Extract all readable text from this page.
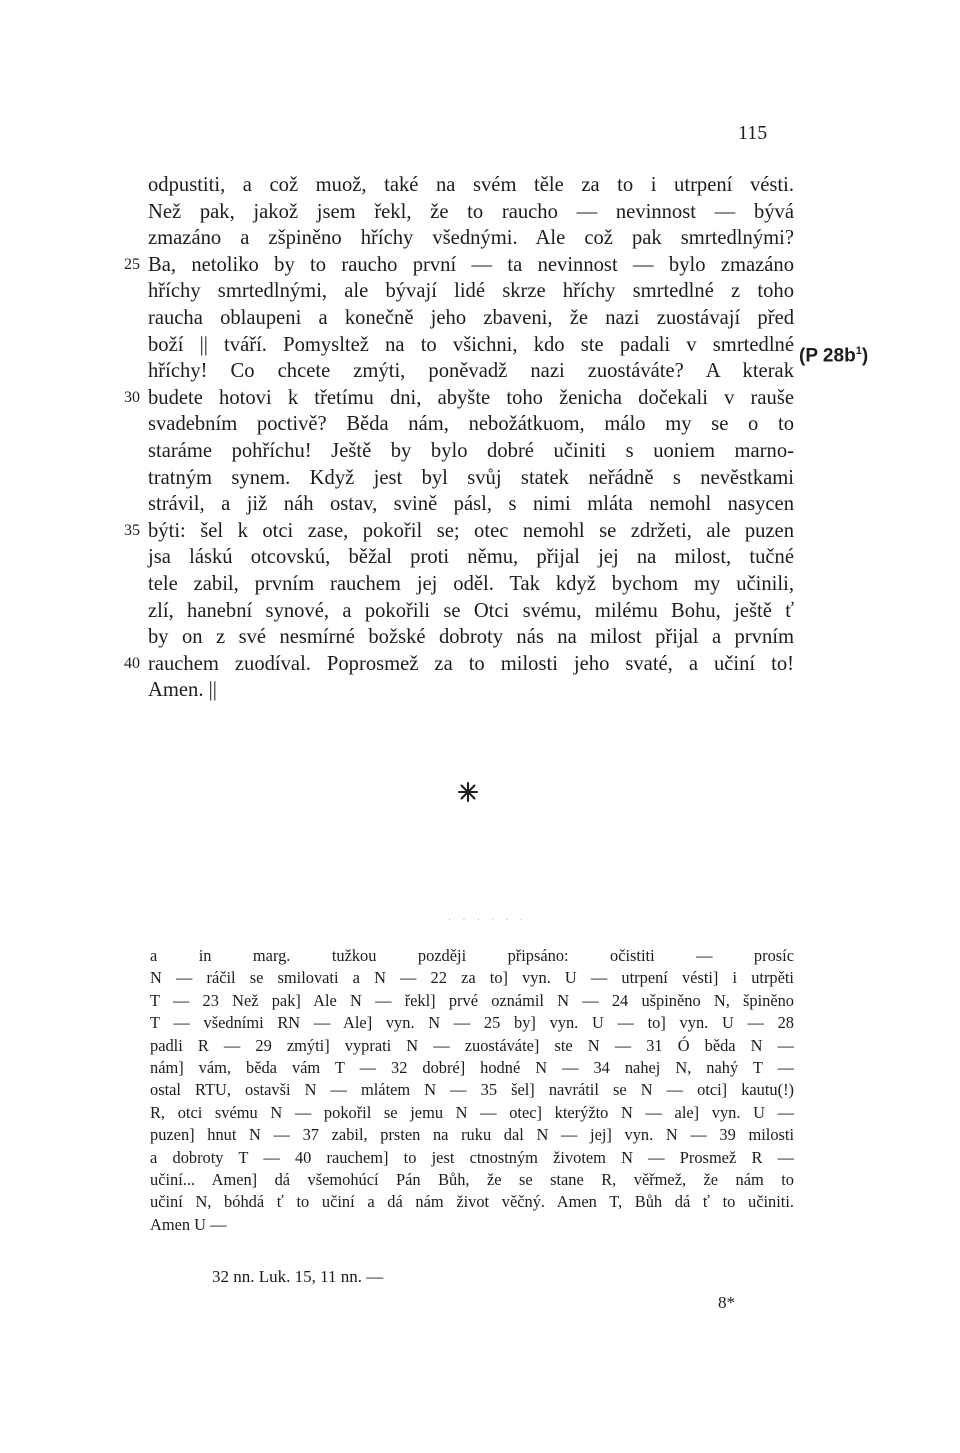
115
odpustiti, a což muož, také na svém těle za to i utrpení vésti.
Než pak, jakož jsem řekl, že to raucho — nevinnost — bývá
zmazáno a zšpiněno hříchy všednými. Ale což pak smrtedlnými?
25 Ba, netoliko by to raucho první — ta nevinnost — bylo zmazáno
hříchy smrtedlnými, ale bývají lidé skrze hříchy smrtedlné z toho
raucha oblaupeni a konečně jeho zbaveni, že nazi zuostávají před
boží || tváří. Pomysltež na to všichni, kdo ste padali v smrtedlné
hříchy! Co chcete zmýti, poněvadž nazi zuostáváte? A kterak
30 budete hotovi k třetímu dni, abyšte toho ženicha dočekali v rauše
svadebním poctivě? Běda nám, nebožátkuom, málo my se o to
staráme pohříchu! Ještě by bylo dobré učiniti s uoniem marno-
tratným synem. Když jest byl svůj statek neřádně s nevěstkami
strávil, a již náh ostav, svině pásl, s nimi mláta nemohl nasycen
35 býti: šel k otci zase, pokořil se; otec nemohl se zdržeti, ale puzen
jsa láskú otcovskú, běžal proti němu, přijal jej na milost, tučné
tele zabil, prvním rauchem jej oděl. Tak když bychom my učinili,
zlí, hanební synové, a pokořili se Otci svému, milému Bohu, ještě ť
by on z své nesmírné božské dobroty nás na milost přijal a prvním
40 rauchem zuodíval. Poprosmež za to milosti jeho svaté, a učiní to!
Amen. ||
(P $28b^1$)
. . . . . .
a in marg. tužkou později připsáno: očistiti — prosíc
N — ráčil se smilovati a N — 22 za to] vyn. U — utrpení vésti] i utrpěti
T — 23 Než pak] Ale N — řekl] prvé oznámil N — 24 ušpiněno N, špiněno
T — všedními RN — Ale] vyn. N — 25 by] vyn. U — to] vyn. U — 28
padli R — 29 zmýti] vyprati N — zuostáváte] ste N — 31 Ó běda N —
nám] vám, běda vám T — 32 dobré] hodné N — 34 nahej N, nahý T —
ostal RTU, ostavši N — mlátem N — 35 šel] navrátil se N — otci] kautu(!)
R, otci svému N — pokořil se jemu N — otec] kterýžto N — ale] vyn. U —
puzen] hnut N — 37 zabil, prsten na ruku dal N — jej] vyn. N — 39 milosti
a dobroty T — 40 rauchem] to jest ctnostným životem N — Prosmež R —
učiní... Amen] dá všemohúcí Pán Bůh, že se stane R, věřmež, že nám to
učiní N, bóhdá ť to učiní a dá nám život věčný. Amen T, Bůh dá ť to učiniti.
Amen U —
32 nn. Luk. 15, 11 nn. —
8*
